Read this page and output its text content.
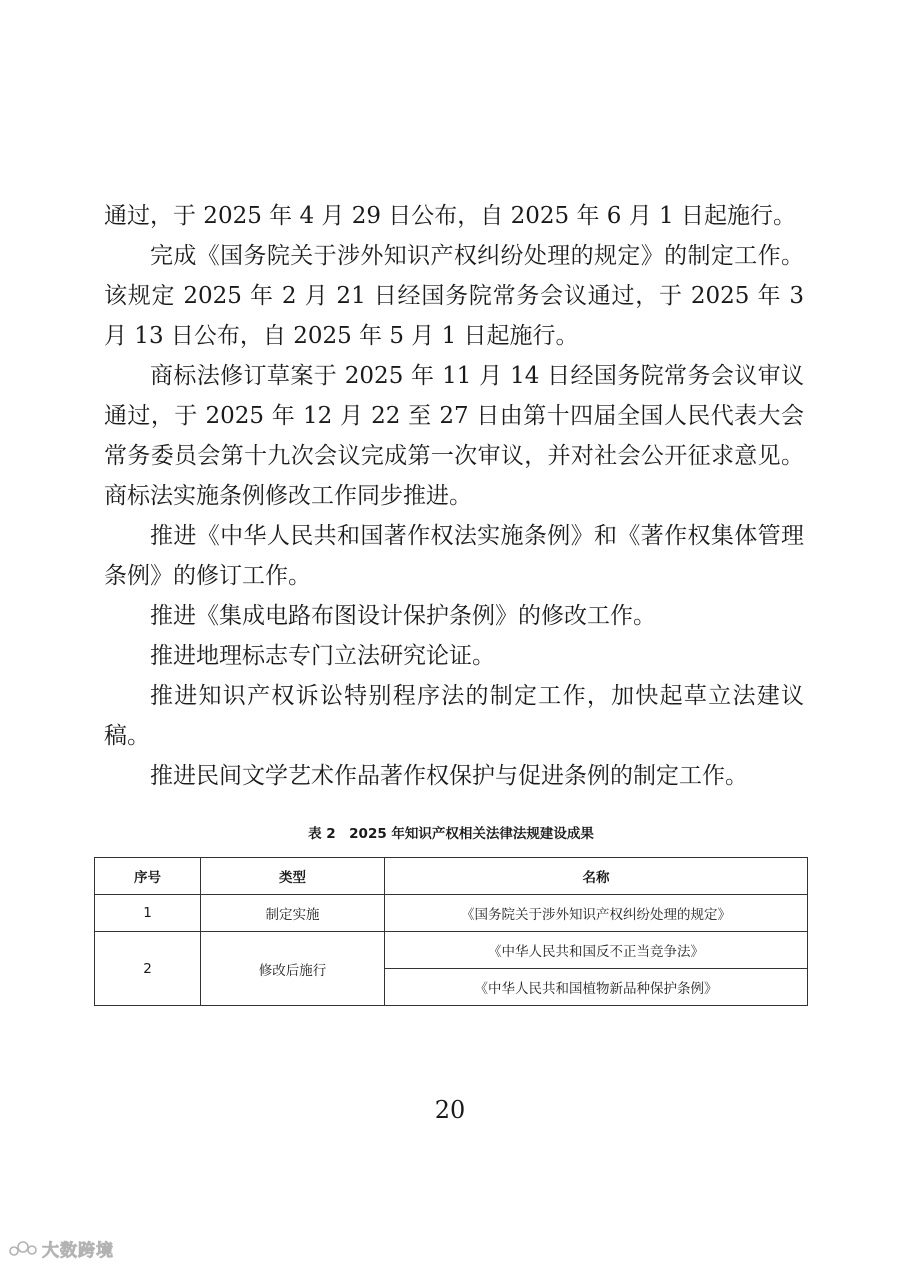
通过，于 2025 年 4 月 29 日公布，自 2025 年 6 月 1 日起施行。

完成《国务院关于涉外知识产权纠纷处理的规定》的制定工作。该规定 2025 年 2 月 21 日经国务院常务会议通过，于 2025 年 3 月 13 日公布，自 2025 年 5 月 1 日起施行。

商标法修订草案于 2025 年 11 月 14 日经国务院常务会议审议通过，于 2025 年 12 月 22 至 27 日由第十四届全国人民代表大会常务委员会第十九次会议完成第一次审议，并对社会公开征求意见。商标法实施条例修改工作同步推进。

推进《中华人民共和国著作权法实施条例》和《著作权集体管理条例》的修订工作。

推进《集成电路布图设计保护条例》的修改工作。

推进地理标志专门立法研究论证。

推进知识产权诉讼特别程序法的制定工作，加快起草立法建议稿。

推进民间文学艺术作品著作权保护与促进条例的制定工作。

表 2　2025 年知识产权相关法律法规建设成果
序号	类型	名称
1	制定实施	《国务院关于涉外知识产权纠纷处理的规定》
2	修改后施行	《中华人民共和国反不正当竞争法》
		《中华人民共和国植物新品种保护条例》
20
大数跨境
